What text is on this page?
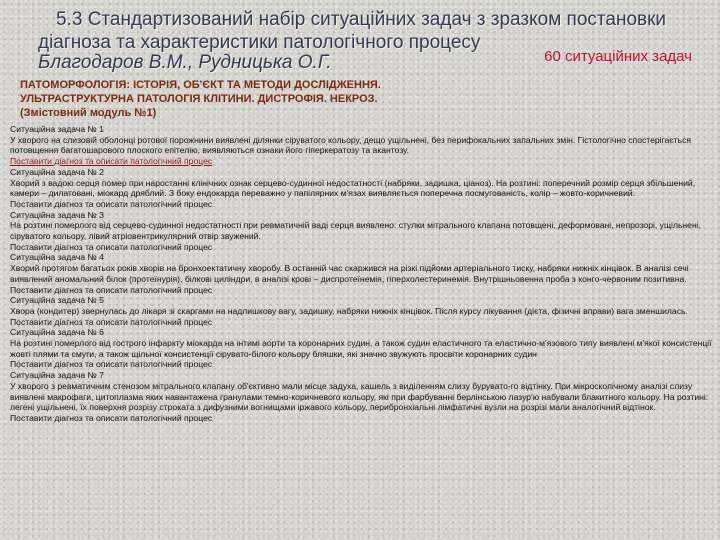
5.3 Стандартизований набір ситуаційних задач з зразком постановки
діагноза та характеристики патологічного процесу
Благодаров В.М., Рудницька О.Г.	60 ситуаційних задач
ПАТОМОРФОЛОГІЯ: ІСТОРІЯ, ОБ'ЄКТ ТА МЕТОДИ ДОСЛІДЖЕННЯ.
УЛЬТРАСТРУКТУРНА ПАТОЛОГІЯ КЛІТИНИ. ДИСТРОФІЯ. НЕКРОЗ.
(Змістовний модуль №1)

Ситуаційна задача № 1

У хворого на слизовій оболонці ротової порожнини виявлені ділянки сіруватого кольору, дещо ущільнені, без перифокальних запальних змін. Гістологічно спостерігається потовщення багатошарового плоского епітелію, виявляються ознаки його гіперкератозу та акантозу.

Поставити діагноз та описати патологічний процес

Ситуаційна задача № 2

Хворий з вадою серця помер при наростанні клінічних ознак серцево-судинної недостатності (набряки, задишка, ціаноз). На розтині: поперечний розмір серця збільшений, камери – дилатовані, міокард дряблий. З боку ендокарда переважно у папілярних м'язах виявляється поперечна посмугованість, колір – жовто-коричневий.

Поставити діагноз та описати патологічний процес

Ситуаційна задача № 3

На розтині померлого від серцево-судинної недостатності при ревматичній ваді серця виявлено: стулки мітрального клапана потовщені, деформовані, непрозорі, ущільнені, сіруватого кольору, лівий атріовентрикулярний отвір звужений.

Поставити діагноз та описати патологічний процес

Ситуаційна задача № 4

Хворий протягом багатьох років хворів на бронхоектатичну хворобу. В останній час скаржився на різкі підйоми артеріального тиску, набряки нижніх кінцівок. В аналізі сечі виявлений аномальний білок (протеїнурія), білкові циліндри, в аналізі крові – диспротеїнемія, гіперхолестеринемія. Внутрішньовенна проба з конго-червоним позитивна.

Поставити діагноз та описати патологічний процес

Ситуаційна задача № 5

Хвора (кондитер) звернулась до лікаря зі скаргами на надлишкову вагу, задишку, набряки нижніх кінцівок. Після курсу лікування (дієта, фізичні вправи) вага зменшилась.

Поставити діагноз та описати патологічний процес

Ситуаційна задача № 6

На розтині померлого від гострого інфаркту міокарда на інтимі аорти та коронарних судин, а також судин еластичного та еластично-м'язового типу виявлені м'якої консистенції жовті плями та смуги, а також щільної консистенції сірувато-білого кольору бляшки, які значно звужують просвіти коронарних судин

Поставити діагноз та описати патологічний процес

Ситуаційна задача № 7

У хворого з ревматичним стенозом мітрального клапану об'єктивно мали місце задуха, кашель з виділенням слизу бурувато-го відтінку. При мікроскопічному аналізі слизу виявлені макрофаги, цитоплазма яких навантажена гранулами темно-коричневого кольору, які при фарбуванні берлінською лазур'ю набували блакитного кольору. На розтині: легені ущільнені, їх поверхня розрізу строката з дифузними вогнищами іржавого кольору, перибронхіальні лімфатичні вузли на розрізі мали аналогічний відтінок.

Поставити діагноз та описати патологічний процес
